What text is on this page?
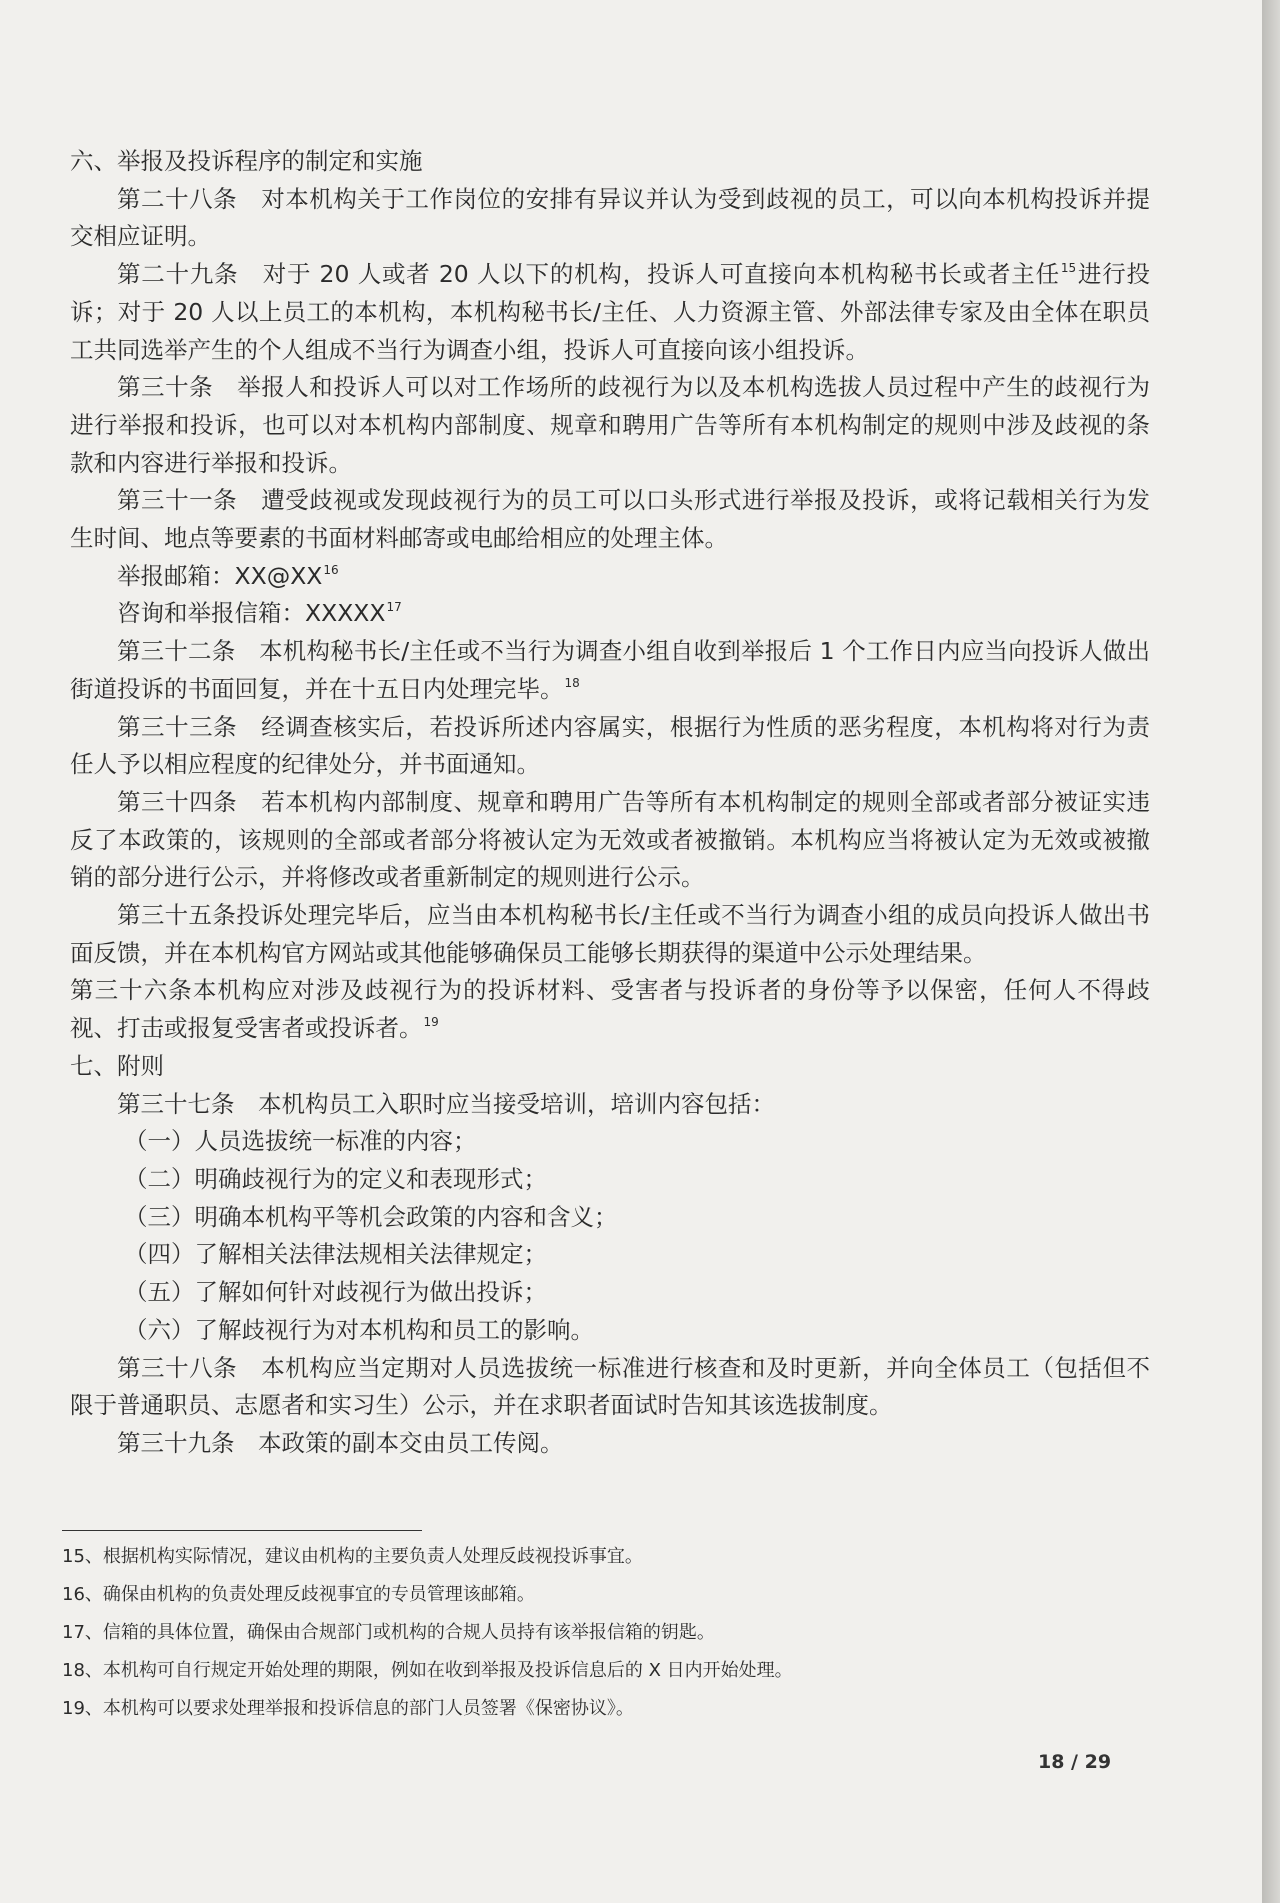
六、举报及投诉程序的制定和实施

第二十八条　对本机构关于工作岗位的安排有异议并认为受到歧视的员工，可以向本机构投诉并提交相应证明。

第二十九条　对于 20 人或者 20 人以下的机构，投诉人可直接向本机构秘书长或者主任$^{15}$进行投诉；对于 20 人以上员工的本机构，本机构秘书长/主任、人力资源主管、外部法律专家及由全体在职员工共同选举产生的个人组成不当行为调查小组，投诉人可直接向该小组投诉。

第三十条　举报人和投诉人可以对工作场所的歧视行为以及本机构选拔人员过程中产生的歧视行为进行举报和投诉，也可以对本机构内部制度、规章和聘用广告等所有本机构制定的规则中涉及歧视的条款和内容进行举报和投诉。

第三十一条　遭受歧视或发现歧视行为的员工可以口头形式进行举报及投诉，或将记载相关行为发生时间、地点等要素的书面材料邮寄或电邮给相应的处理主体。

举报邮箱：XX@XX$^{16}$

咨询和举报信箱：XXXXX$^{17}$

第三十二条　本机构秘书长/主任或不当行为调查小组自收到举报后 1 个工作日内应当向投诉人做出街道投诉的书面回复，并在十五日内处理完毕。$^{18}$

第三十三条　经调查核实后，若投诉所述内容属实，根据行为性质的恶劣程度，本机构将对行为责任人予以相应程度的纪律处分，并书面通知。

第三十四条　若本机构内部制度、规章和聘用广告等所有本机构制定的规则全部或者部分被证实违反了本政策的，该规则的全部或者部分将被认定为无效或者被撤销。本机构应当将被认定为无效或被撤销的部分进行公示，并将修改或者重新制定的规则进行公示。

第三十五条投诉处理完毕后，应当由本机构秘书长/主任或不当行为调查小组的成员向投诉人做出书面反馈，并在本机构官方网站或其他能够确保员工能够长期获得的渠道中公示处理结果。

第三十六条本机构应对涉及歧视行为的投诉材料、受害者与投诉者的身份等予以保密，任何人不得歧视、打击或报复受害者或投诉者。$^{19}$

七、附则

第三十七条　本机构员工入职时应当接受培训，培训内容包括：

（一）人员选拔统一标准的内容；

（二）明确歧视行为的定义和表现形式；

（三）明确本机构平等机会政策的内容和含义；

（四）了解相关法律法规相关法律规定；

（五）了解如何针对歧视行为做出投诉；

（六）了解歧视行为对本机构和员工的影响。

第三十八条　本机构应当定期对人员选拔统一标准进行核查和及时更新，并向全体员工（包括但不限于普通职员、志愿者和实习生）公示，并在求职者面试时告知其该选拔制度。

第三十九条　本政策的副本交由员工传阅。

15、根据机构实际情况，建议由机构的主要负责人处理反歧视投诉事宜。

16、确保由机构的负责处理反歧视事宜的专员管理该邮箱。

17、信箱的具体位置，确保由合规部门或机构的合规人员持有该举报信箱的钥匙。

18、本机构可自行规定开始处理的期限，例如在收到举报及投诉信息后的 X 日内开始处理。

19、本机构可以要求处理举报和投诉信息的部门人员签署《保密协议》。

18 / 29
